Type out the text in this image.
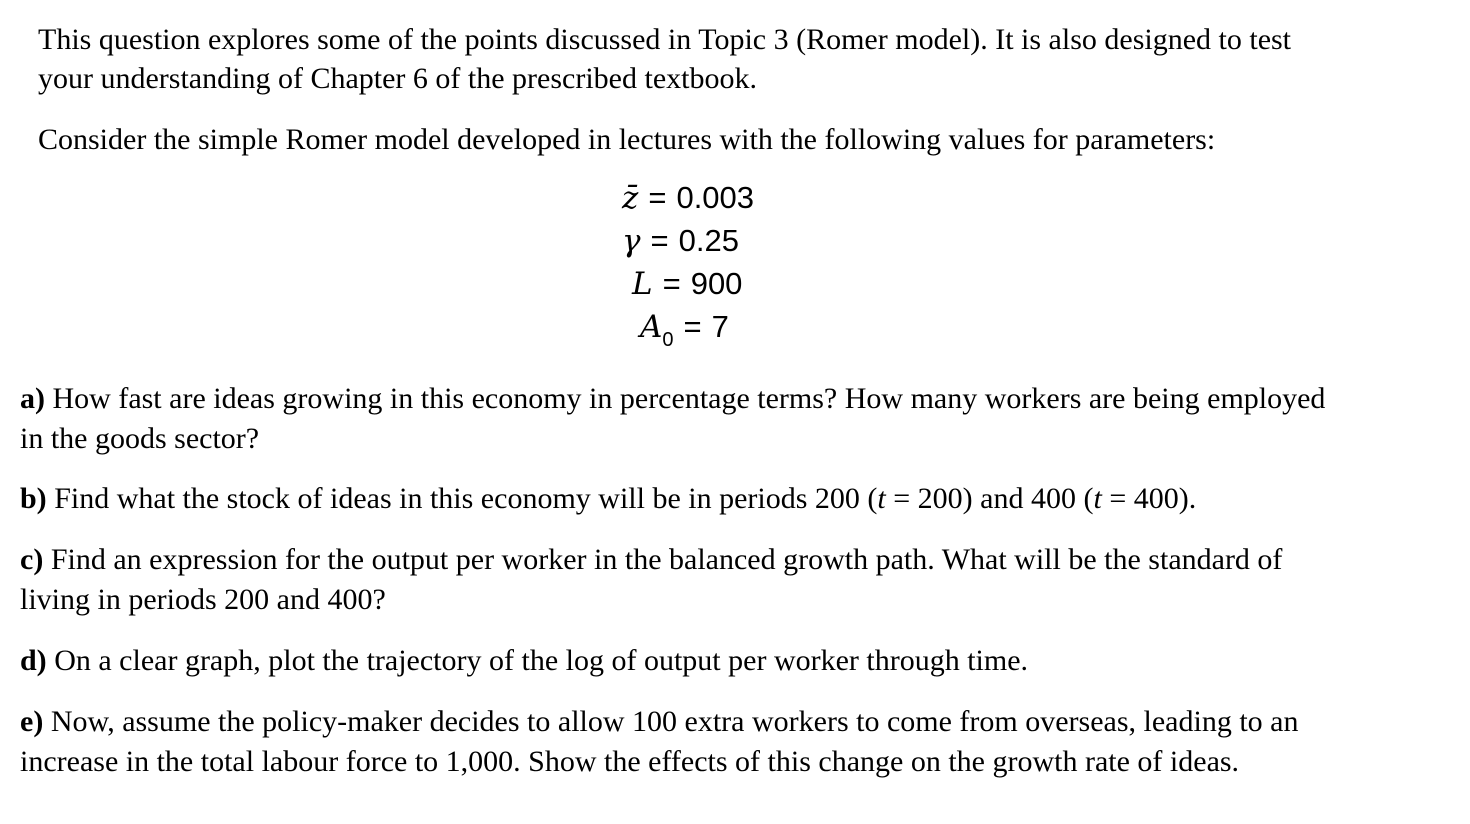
This question explores some of the points discussed in Topic 3 (Romer model). It is also designed to test
your understanding of Chapter 6 of the prescribed textbook.

Consider the simple Romer model developed in lectures with the following values for parameters:

z̄ = 0.003
γ = 0.25
L = 900
$A_0 = 7$

a) How fast are ideas growing in this economy in percentage terms? How many workers are being employed
in the goods sector?

b) Find what the stock of ideas in this economy will be in periods 200 (t = 200) and 400 (t = 400).

c) Find an expression for the output per worker in the balanced growth path. What will be the standard of
living in periods 200 and 400?

d) On a clear graph, plot the trajectory of the log of output per worker through time.

e) Now, assume the policy-maker decides to allow 100 extra workers to come from overseas, leading to an
increase in the total labour force to 1,000. Show the effects of this change on the growth rate of ideas.
